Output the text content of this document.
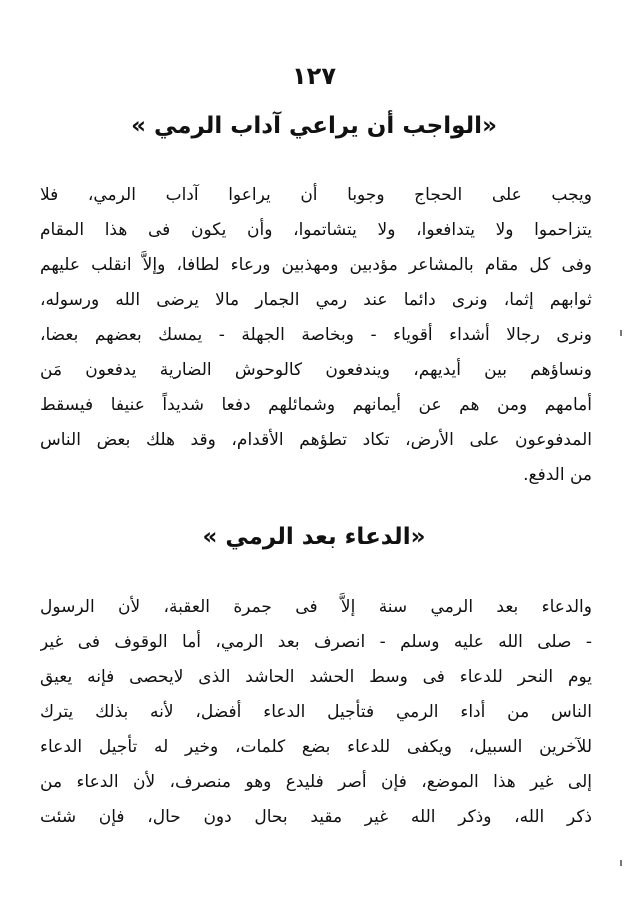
١٢٧
«الواجب أن يراعي آداب الرمي »
ويجب على الحجاج وجوبا أن يراعوا آداب الرمي، فلا
يتزاحموا ولا يتدافعوا، ولا يتشاتموا، وأن يكون فى هذا المقام
وفى كل مقام بالمشاعر مؤدبين ومهذبين ورعاء لطافا، وإلاَّ انقلب عليهم
ثوابهم إثما، ونرى دائما عند رمي الجمار مالا يرضى الله ورسوله،
ونرى رجالا أشداء أقوياء - وبخاصة الجهلة - يمسك بعضهم بعضا،
ونساؤهم بين أيديهم، ويندفعون كالوحوش الضارية يدفعون مَن
أمامهم ومن هم عن أيمانهم وشمائلهم دفعا شديداً عنيفا فيسقط
المدفوعون على الأرض، تكاد تطؤهم الأقدام، وقد هلك بعض الناس
من الدفع.
«الدعاء بعد الرمي »
والدعاء بعد الرمي سنة إلاَّ فى جمرة العقبة، لأن الرسول
- صلى الله عليه وسلم - انصرف بعد الرمي، أما الوقوف فى غير
يوم النحر للدعاء فى وسط الحشد الحاشد الذى لايحصى فإنه يعيق
الناس من أداء الرمي فتأجيل الدعاء أفضل، لأنه بذلك يترك
للآخرين السبيل، ويكفى للدعاء بضع كلمات، وخير له تأجيل الدعاء
إلى غير هذا الموضع، فإن أصر فليدع وهو منصرف، لأن الدعاء من
ذكر الله، وذكر الله غير مقيد بحال دون حال، فإن شئت
